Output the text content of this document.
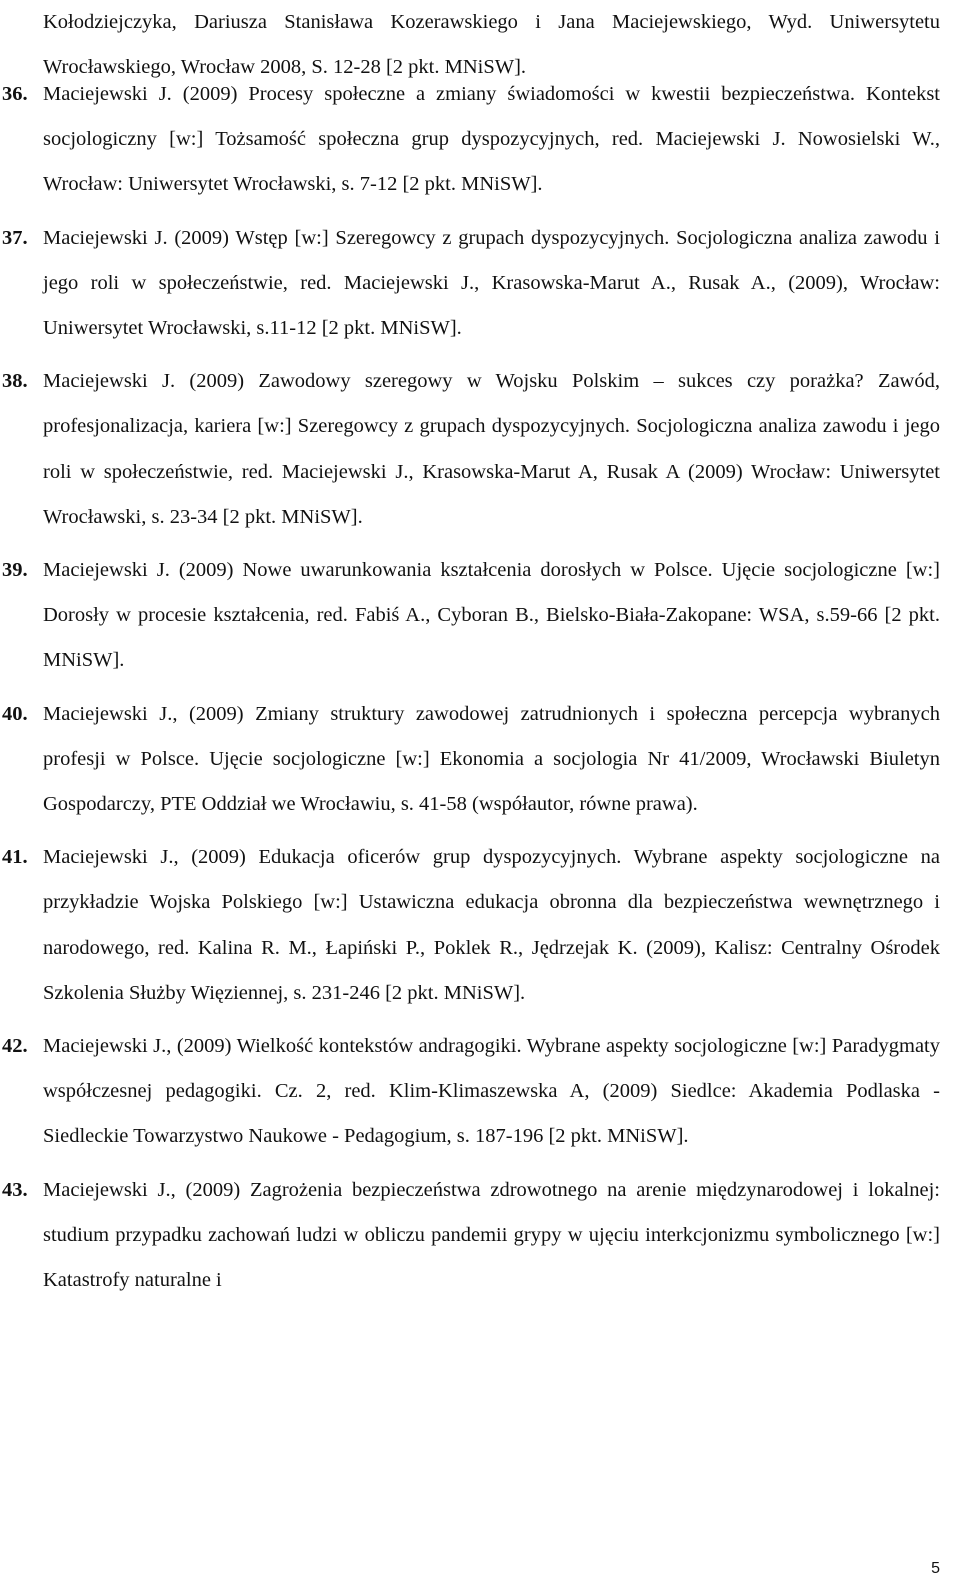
Kołodziejczyka, Dariusza Stanisława Kozerawskiego i Jana Maciejewskiego, Wyd. Uniwersytetu Wrocławskiego, Wrocław 2008, S. 12-28 [2 pkt. MNiSW].

36. Maciejewski J. (2009) Procesy społeczne a zmiany świadomości w kwestii bezpieczeństwa. Kontekst socjologiczny [w:] Tożsamość społeczna grup dyspozycyjnych, red. Maciejewski J. Nowosielski W., Wrocław: Uniwersytet Wrocławski, s. 7-12 [2 pkt. MNiSW].
37. Maciejewski J. (2009) Wstęp [w:] Szeregowcy z grupach dyspozycyjnych. Socjologiczna analiza zawodu i jego roli w społeczeństwie, red. Maciejewski J., Krasowska-Marut A., Rusak A., (2009), Wrocław: Uniwersytet Wrocławski, s.11-12 [2 pkt. MNiSW].
38. Maciejewski J. (2009) Zawodowy szeregowy w Wojsku Polskim – sukces czy porażka? Zawód, profesjonalizacja, kariera [w:] Szeregowcy z grupach dyspozycyjnych. Socjologiczna analiza zawodu i jego roli w społeczeństwie, red. Maciejewski J., Krasowska-Marut A, Rusak A (2009) Wrocław: Uniwersytet Wrocławski, s. 23-34 [2 pkt. MNiSW].
39. Maciejewski J. (2009) Nowe uwarunkowania kształcenia dorosłych w Polsce. Ujęcie socjologiczne [w:] Dorosły w procesie kształcenia, red. Fabiś A., Cyboran B., Bielsko-Biała-Zakopane: WSA, s.59-66 [2 pkt. MNiSW].
40. Maciejewski J., (2009) Zmiany struktury zawodowej zatrudnionych i społeczna percepcja wybranych profesji w Polsce. Ujęcie socjologiczne [w:] Ekonomia a socjologia Nr 41/2009, Wrocławski Biuletyn Gospodarczy, PTE Oddział we Wrocławiu, s. 41-58 (współautor, równe prawa).
41. Maciejewski J., (2009) Edukacja oficerów grup dyspozycyjnych. Wybrane aspekty socjologiczne na przykładzie Wojska Polskiego [w:] Ustawiczna edukacja obronna dla bezpieczeństwa wewnętrznego i narodowego, red. Kalina R. M., Łapiński P., Poklek R., Jędrzejak K. (2009), Kalisz: Centralny Ośrodek Szkolenia Służby Więziennej, s. 231-246 [2 pkt. MNiSW].
42. Maciejewski J., (2009) Wielkość kontekstów andragogiki. Wybrane aspekty socjologiczne [w:] Paradygmaty współczesnej pedagogiki. Cz. 2, red. Klim-Klimaszewska A, (2009) Siedlce: Akademia Podlaska - Siedleckie Towarzystwo Naukowe - Pedagogium, s. 187-196 [2 pkt. MNiSW].
43. Maciejewski J., (2009) Zagrożenia bezpieczeństwa zdrowotnego na arenie międzynarodowej i lokalnej: studium przypadku zachowań ludzi w obliczu pandemii grypy w ujęciu interkcjonizmu symbolicznego [w:] Katastrofy naturalne i
5
